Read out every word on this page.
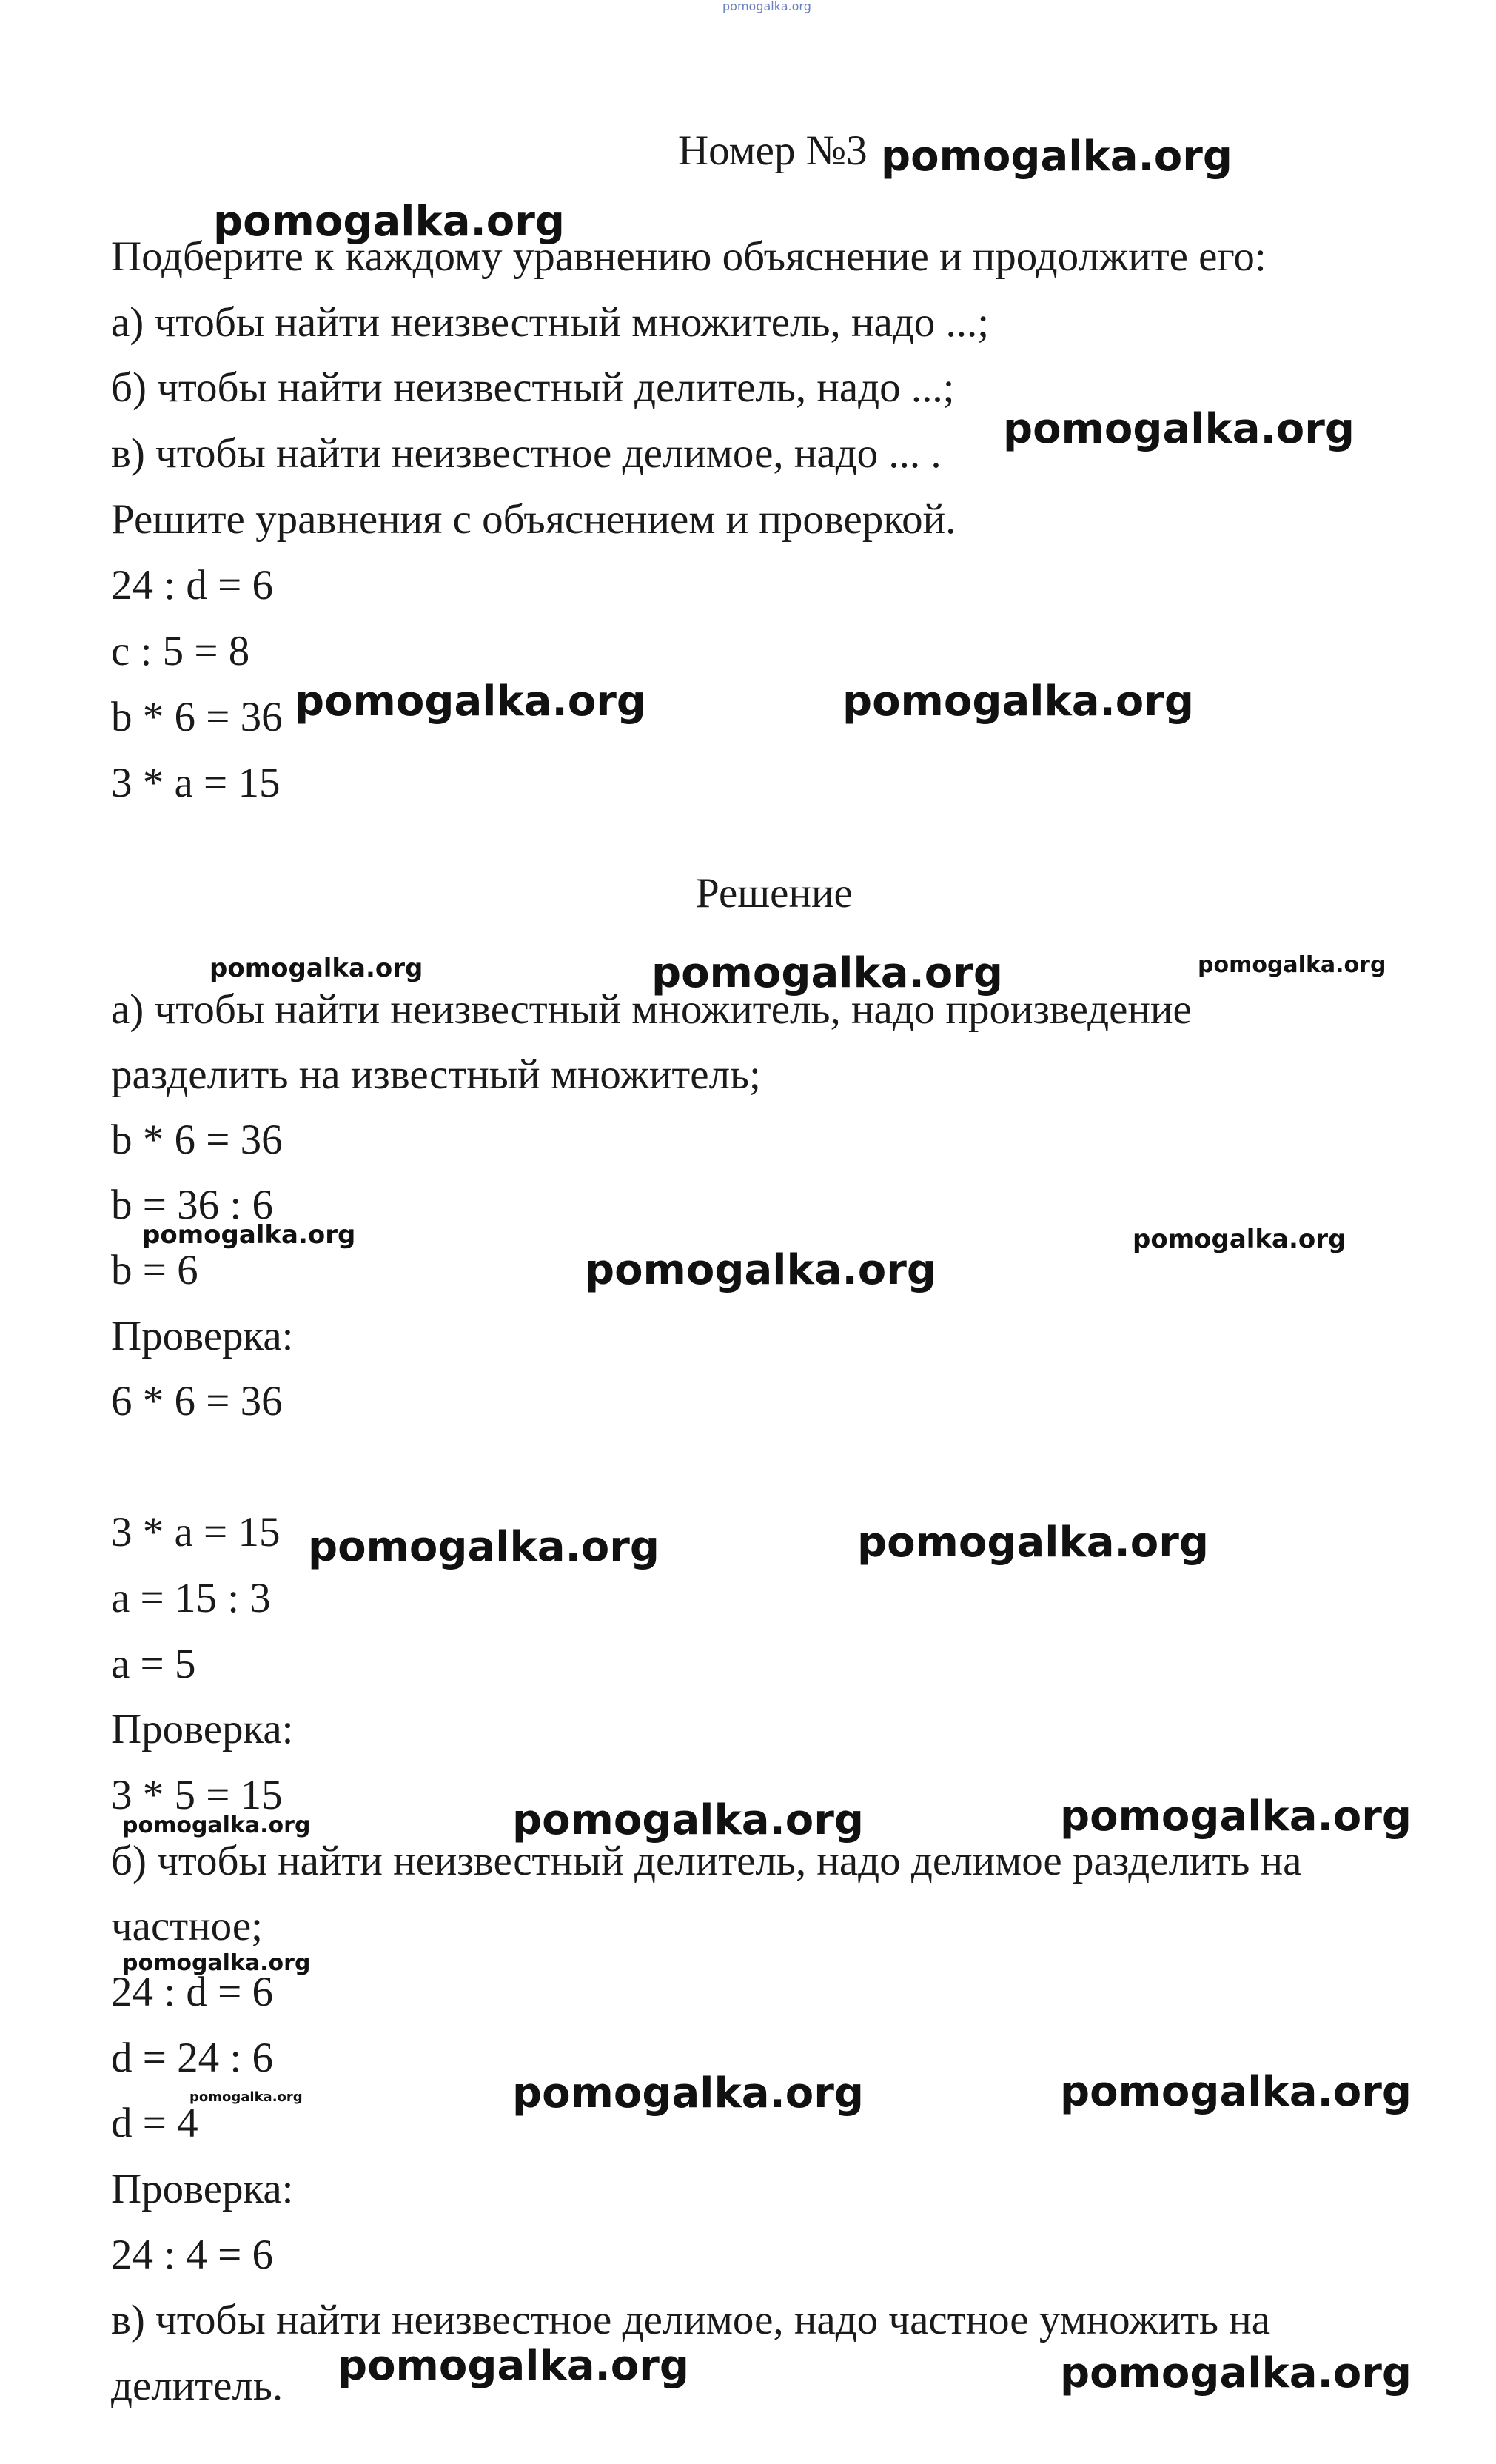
pomogalka.org
Номер №3
Подберите к каждому уравнению объяснение и продолжите его:
а) чтобы найти неизвестный множитель, надо ...;
б) чтобы найти неизвестный делитель, надо ...;
в) чтобы найти неизвестное делимое, надо ... .
Решите уравнения с объяснением и проверкой.
24 : d = 6
c : 5 = 8
b * 6 = 36
3 * a = 15
Решение
а) чтобы найти неизвестный множитель, надо произведение
разделить на известный множитель;
b * 6 = 36
b = 36 : 6
b = 6
Проверка:
6 * 6 = 36
3 * a = 15
a = 15 : 3
a = 5
Проверка:
3 * 5 = 15
б) чтобы найти неизвестный делитель, надо делимое разделить на
частное;
24 : d = 6
d = 24 : 6
d = 4
Проверка:
24 : 4 = 6
в) чтобы найти неизвестное делимое, надо частное умножить на
делитель.
pomogalka.org
pomogalka.org
pomogalka.org
pomogalka.org	pomogalka.org
pomogalka.org	pomogalka.org	pomogalka.org
pomogalka.org
pomogalka.org
pomogalka.org
pomogalka.org	pomogalka.org
pomogalka.org	pomogalka.org	pomogalka.org
pomogalka.org
pomogalka.org	pomogalka.org	pomogalka.org
pomogalka.org	pomogalka.org
